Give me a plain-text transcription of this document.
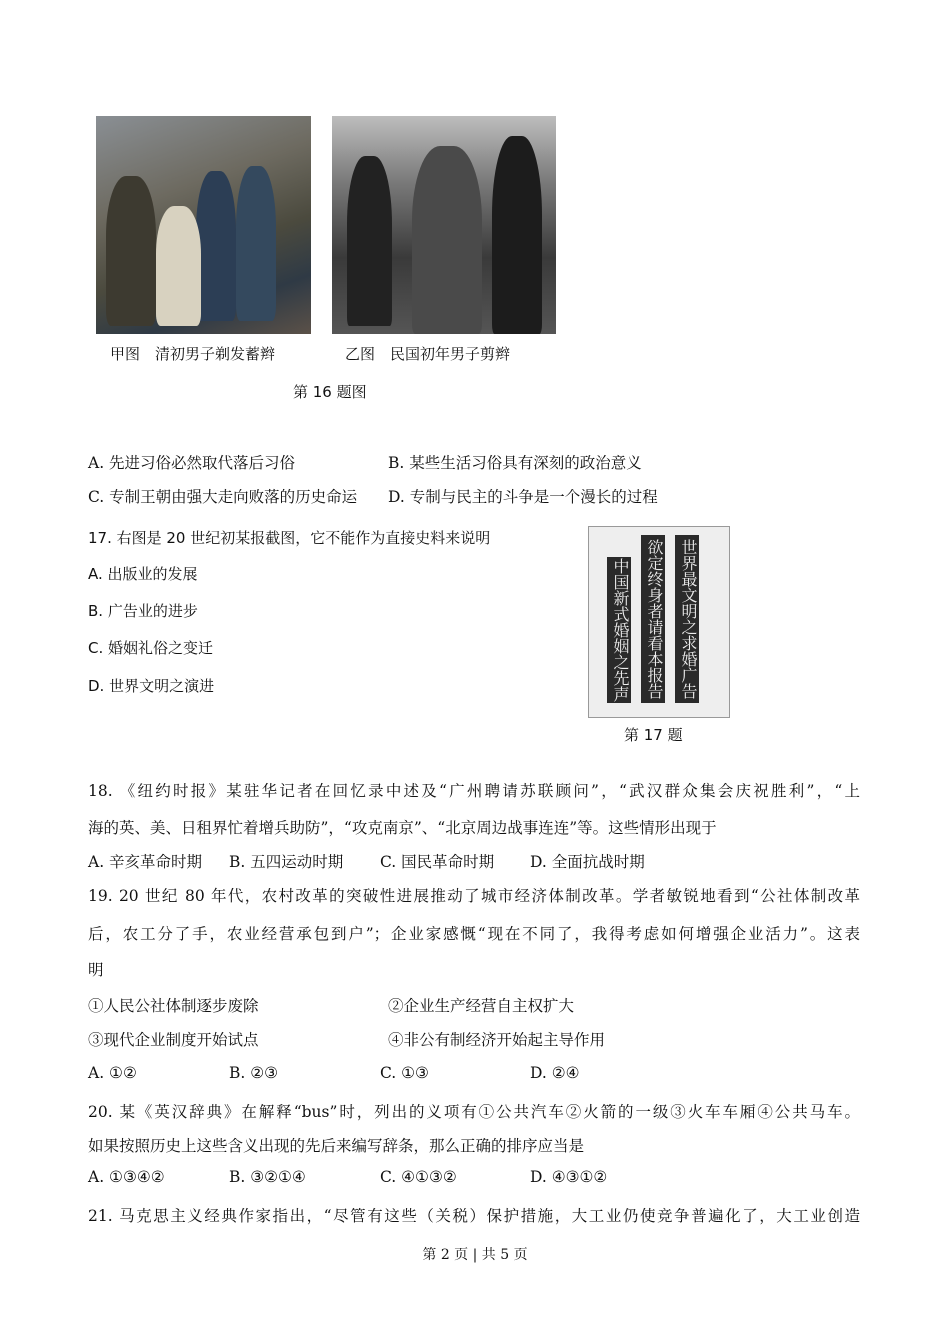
甲图　清初男子剃发蓄辫	乙图　民国初年男子剪辫
第 16 题图
A. 先进习俗必然取代落后习俗	B. 某些生活习俗具有深刻的政治意义
C. 专制王朝由强大走向败落的历史命运 D. 专制与民主的斗争是一个漫长的过程
17. 右图是 20 世纪初某报截图，它不能作为直接史料来说明
A. 出版业的发展
B. 广告业的进步
C. 婚姻礼俗之变迁
D. 世界文明之演进	世界最文明之求婚广告
欲定终身者请看本报告
中国新式婚姻之先声
第 17 题
18. 《纽约时报》某驻华记者在回忆录中述及“广州聘请苏联顾问”，“武汉群众集会庆祝胜利”，“上
海的英、美、日租界忙着增兵助防”，“攻克南京”、“北京周边战事连连”等。这些情形出现于
A. 辛亥革命时期 B. 五四运动时期 C. 国民革命时期 D. 全面抗战时期
19. 20 世纪 80 年代，农村改革的突破性进展推动了城市经济体制改革。学者敏锐地看到“公社体制改革
后，农工分了手，农业经营承包到户”；企业家感慨“现在不同了，我得考虑如何增强企业活力”。这表
明
①人民公社体制逐步废除	②企业生产经营自主权扩大
③现代企业制度开始试点	④非公有制经济开始起主导作用
A. ①②	B. ②③	C. ①③	D. ②④
20. 某《英汉辞典》在解释“bus”时，列出的义项有①公共汽车②火箭的一级③火车车厢④公共马车。
如果按照历史上这些含义出现的先后来编写辞条，那么正确的排序应当是
A. ①③④②	B. ③②①④	C. ④①③②	D. ④③①②
21. 马克思主义经典作家指出，“尽管有这些（关税）保护措施，大工业仍使竞争普遍化了，大工业创造
第 2 页 | 共 5 页
